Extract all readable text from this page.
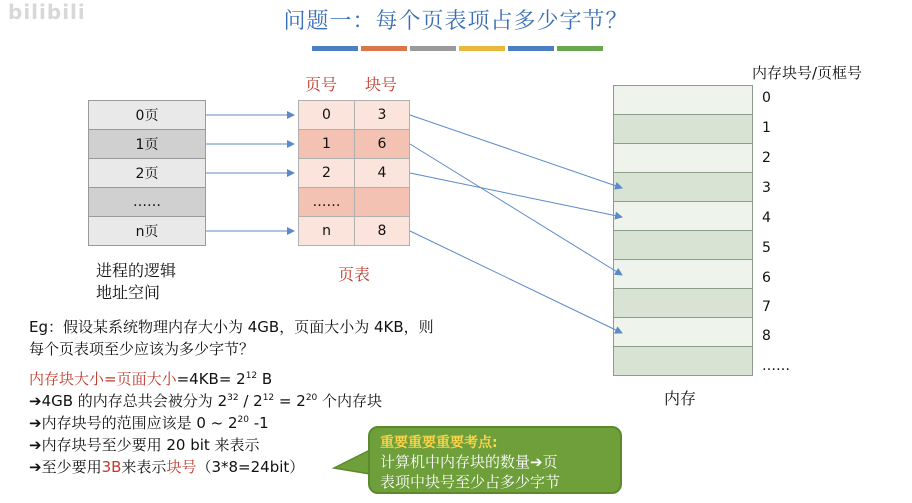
bilibili	问题一：每个页表项占多少字节？
0页
1页
2页
……
n页
进程的逻辑
地址空间
页号 块号
0	3
1	6
2	4
……
n	8
页表
内存块号/页框号
0
1
2
3
4
5
6
7
8
……
内存
Eg：假设某系统物理内存大小为 4GB，页面大小为 4KB，则
每个页表项至少应该为多少字节？
内存块大小=页面大小$=4KB= 2^{12}$ B
➔4GB 的内存总共会被分为 $2^{32} / 2^{12} = 2^{20}$ 个内存块
➔内存块号的范围应该是 0 ~ $2^{20}$ -1
➔内存块号至少要用 20 bit 来表示
➔至少要用3B来表示块号（3*8=24bit）
重要重要重要考点:
计算机中内存块的数量➔页
表项中块号至少占多少字节
